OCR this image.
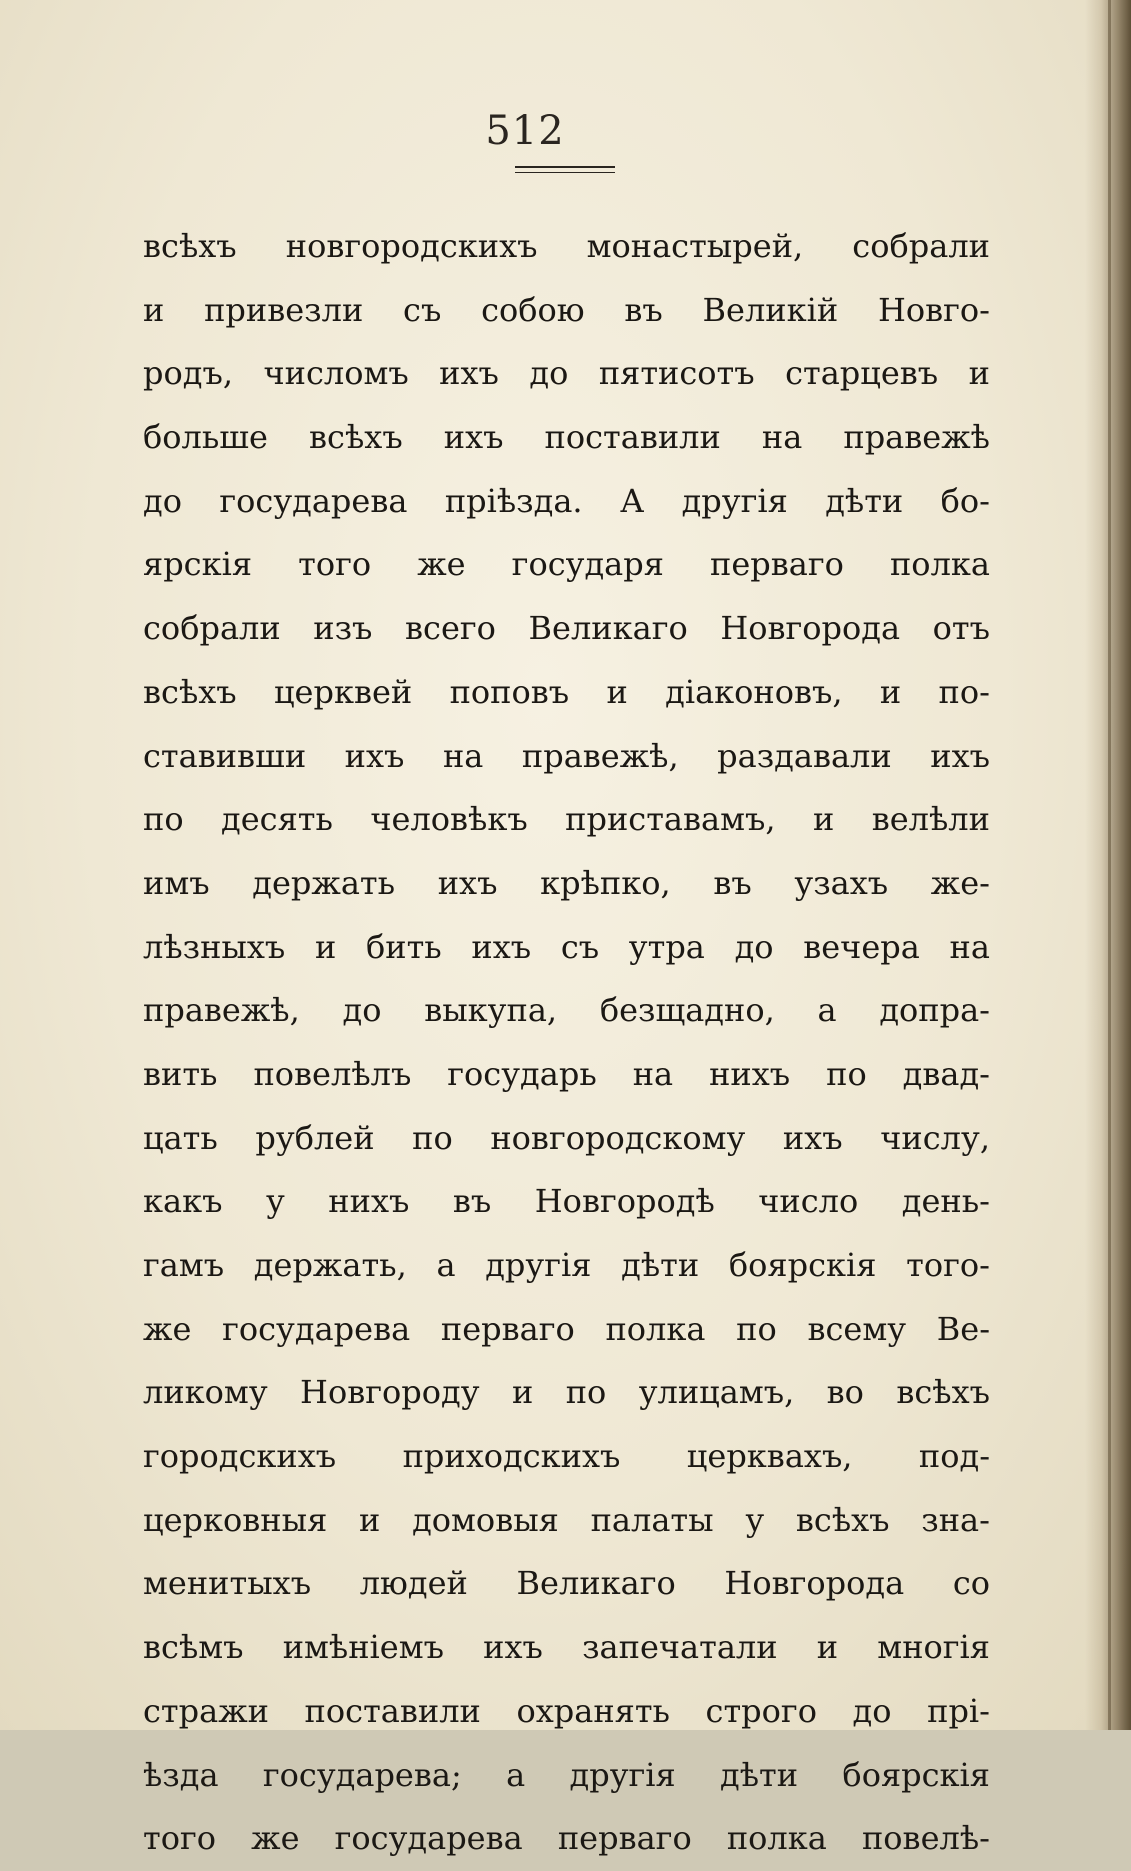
512
всѣхъ новгородскихъ монастырей, собрали
и привезли съ собою въ Великій Новго-
родъ, числомъ ихъ до пятисотъ старцевъ и
больше всѣхъ ихъ поставили на правежѣ
до государева пріѣзда. А другія дѣти бо-
ярскія того же государя перваго полка
собрали изъ всего Великаго Новгорода отъ
всѣхъ церквей поповъ и діаконовъ, и по-
ставивши ихъ на правежѣ, раздавали ихъ
по десять человѣкъ приставамъ, и велѣли
имъ держать ихъ крѣпко, въ узахъ же-
лѣзныхъ и бить ихъ съ утра до вечера на
правежѣ, до выкупа, безщадно, а допра-
вить повелѣлъ государь на нихъ по двад-
цать рублей по новгородскому ихъ числу,
какъ у нихъ въ Новгородѣ число день-
гамъ держать, а другія дѣти боярскія того-
же государева перваго полка по всему Ве-
ликому Новгороду и по улицамъ, во всѣхъ
городскихъ приходскихъ церквахъ, под-
церковныя и домовыя палаты у всѣхъ зна-
менитыхъ людей Великаго Новгорода со
всѣмъ имѣніемъ ихъ запечатали и многія
стражи поставили охранять строго до прі-
ѣзда государева; а другія дѣти боярскія
того же государева перваго полка повелѣ-
